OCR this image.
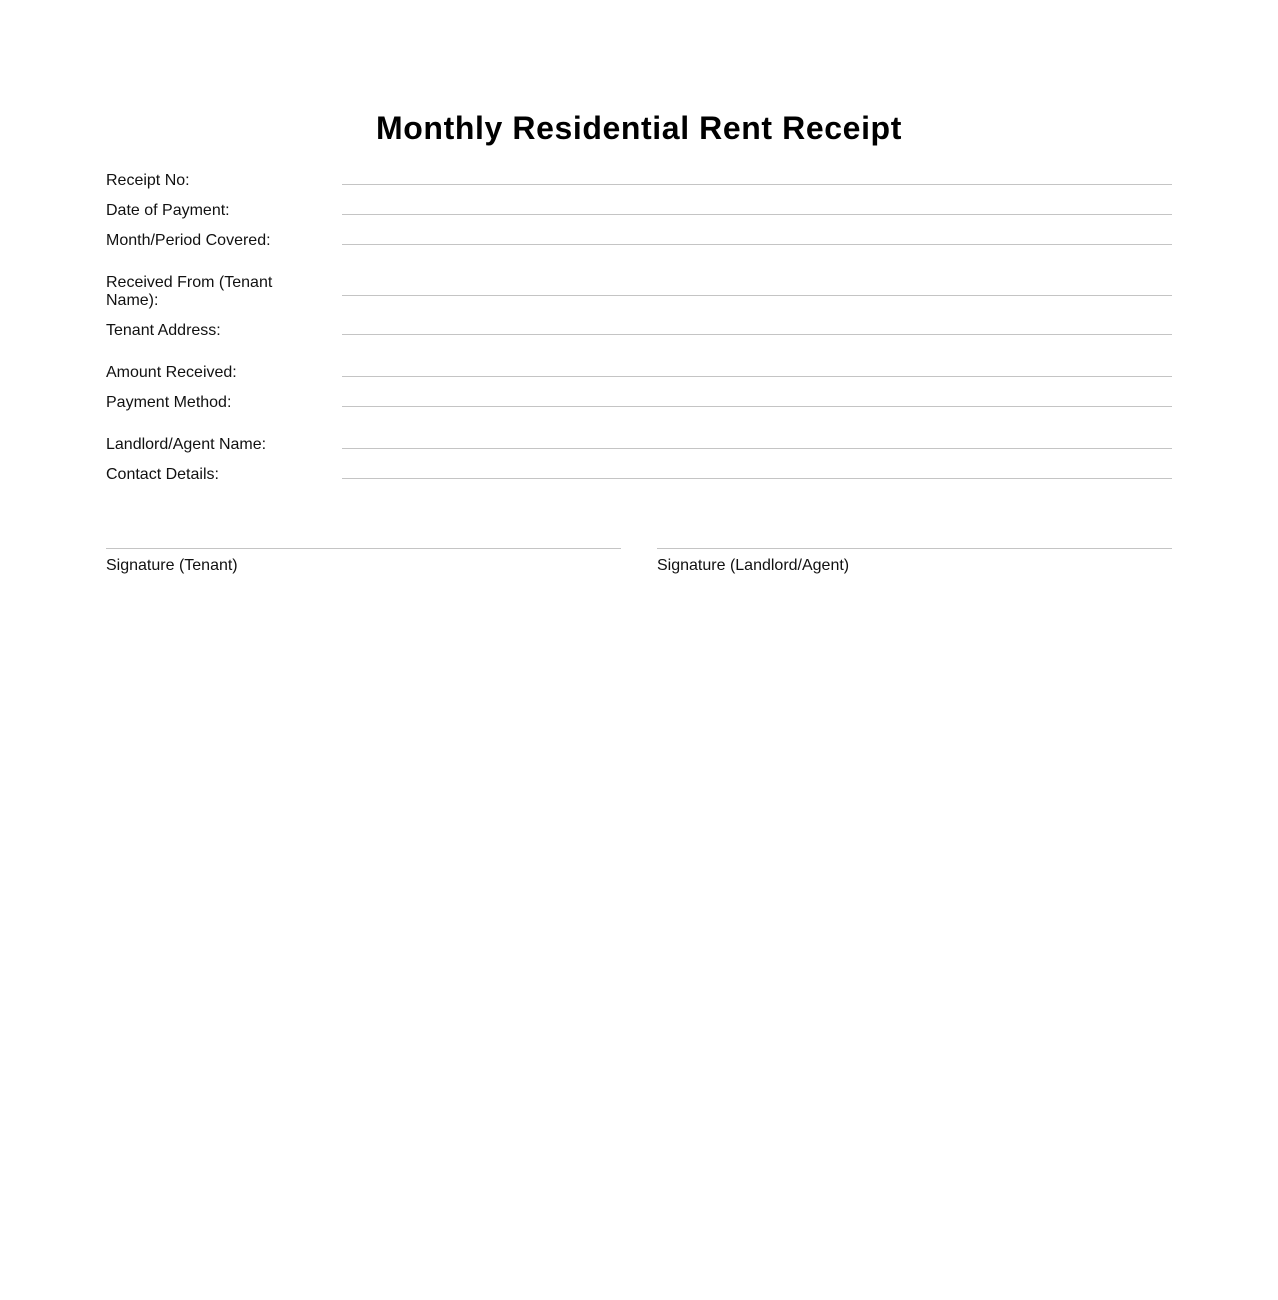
Monthly Residential Rent Receipt
Receipt No:
Date of Payment:
Month/Period Covered:
Received From (Tenant Name):
Tenant Address:
Amount Received:
Payment Method:
Landlord/Agent Name:
Contact Details:
Signature (Tenant)	Signature (Landlord/Agent)
